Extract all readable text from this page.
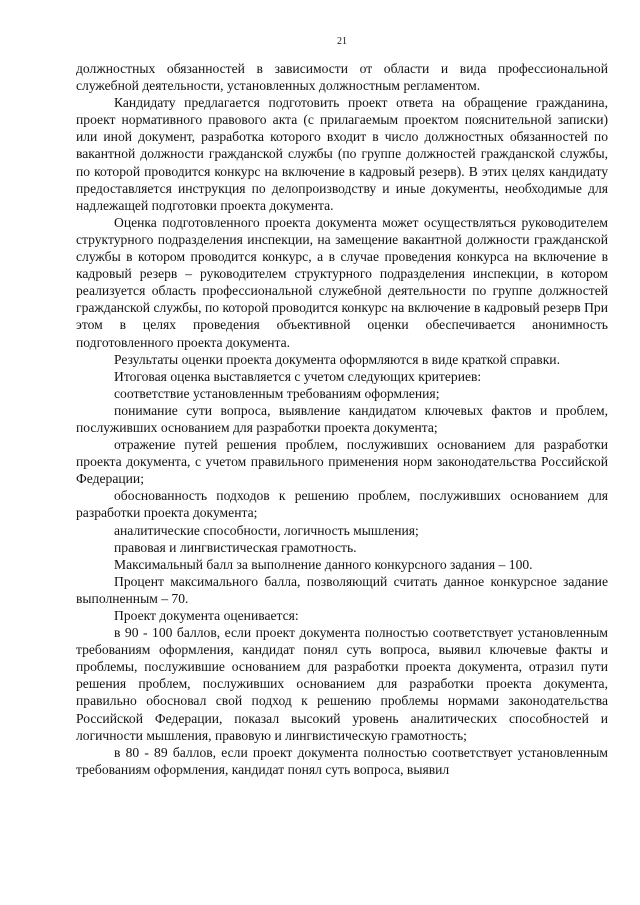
21

должностных обязанностей в зависимости от области и вида профессиональной служебной деятельности, установленных должностным регламентом.

Кандидату предлагается подготовить проект ответа на обращение гражданина, проект нормативного правового акта (с прилагаемым проектом пояснительной записки) или иной документ, разработка которого входит в число должностных обязанностей по вакантной должности гражданской службы (по группе должностей гражданской службы, по которой проводится конкурс на включение в кадровый резерв). В этих целях кандидату предоставляется инструкция по делопроизводству и иные документы, необходимые для надлежащей подготовки проекта документа.

Оценка подготовленного проекта документа может осуществляться руководителем структурного подразделения инспекции, на замещение вакантной должности гражданской службы в котором проводится конкурс, а в случае проведения конкурса на включение в кадровый резерв – руководителем структурного подразделения инспекции, в котором реализуется область профессиональной служебной деятельности по группе должностей гражданской службы, по которой проводится конкурс на включение в кадровый резерв При этом в целях проведения объективной оценки обеспечивается анонимность подготовленного проекта документа.

Результаты оценки проекта документа оформляются в виде краткой справки.

Итоговая оценка выставляется с учетом следующих критериев:

соответствие установленным требованиям оформления;

понимание сути вопроса, выявление кандидатом ключевых фактов и проблем, послуживших основанием для разработки проекта документа;

отражение путей решения проблем, послуживших основанием для разработки проекта документа, с учетом правильного применения норм законодательства Российской Федерации;

обоснованность подходов к решению проблем, послуживших основанием для разработки проекта документа;

аналитические способности, логичность мышления;

правовая и лингвистическая грамотность.

Максимальный балл за выполнение данного конкурсного задания – 100.

Процент максимального балла, позволяющий считать данное конкурсное задание выполненным – 70.

Проект документа оценивается:

в 90 - 100 баллов, если проект документа полностью соответствует установленным требованиям оформления, кандидат понял суть вопроса, выявил ключевые факты и проблемы, послужившие основанием для разработки проекта документа, отразил пути решения проблем, послуживших основанием для разработки проекта документа, правильно обосновал свой подход к решению проблемы нормами законодательства Российской Федерации, показал высокий уровень аналитических способностей и логичности мышления, правовую и лингвистическую грамотность;

в 80 - 89 баллов, если проект документа полностью соответствует установленным требованиям оформления, кандидат понял суть вопроса, выявил
